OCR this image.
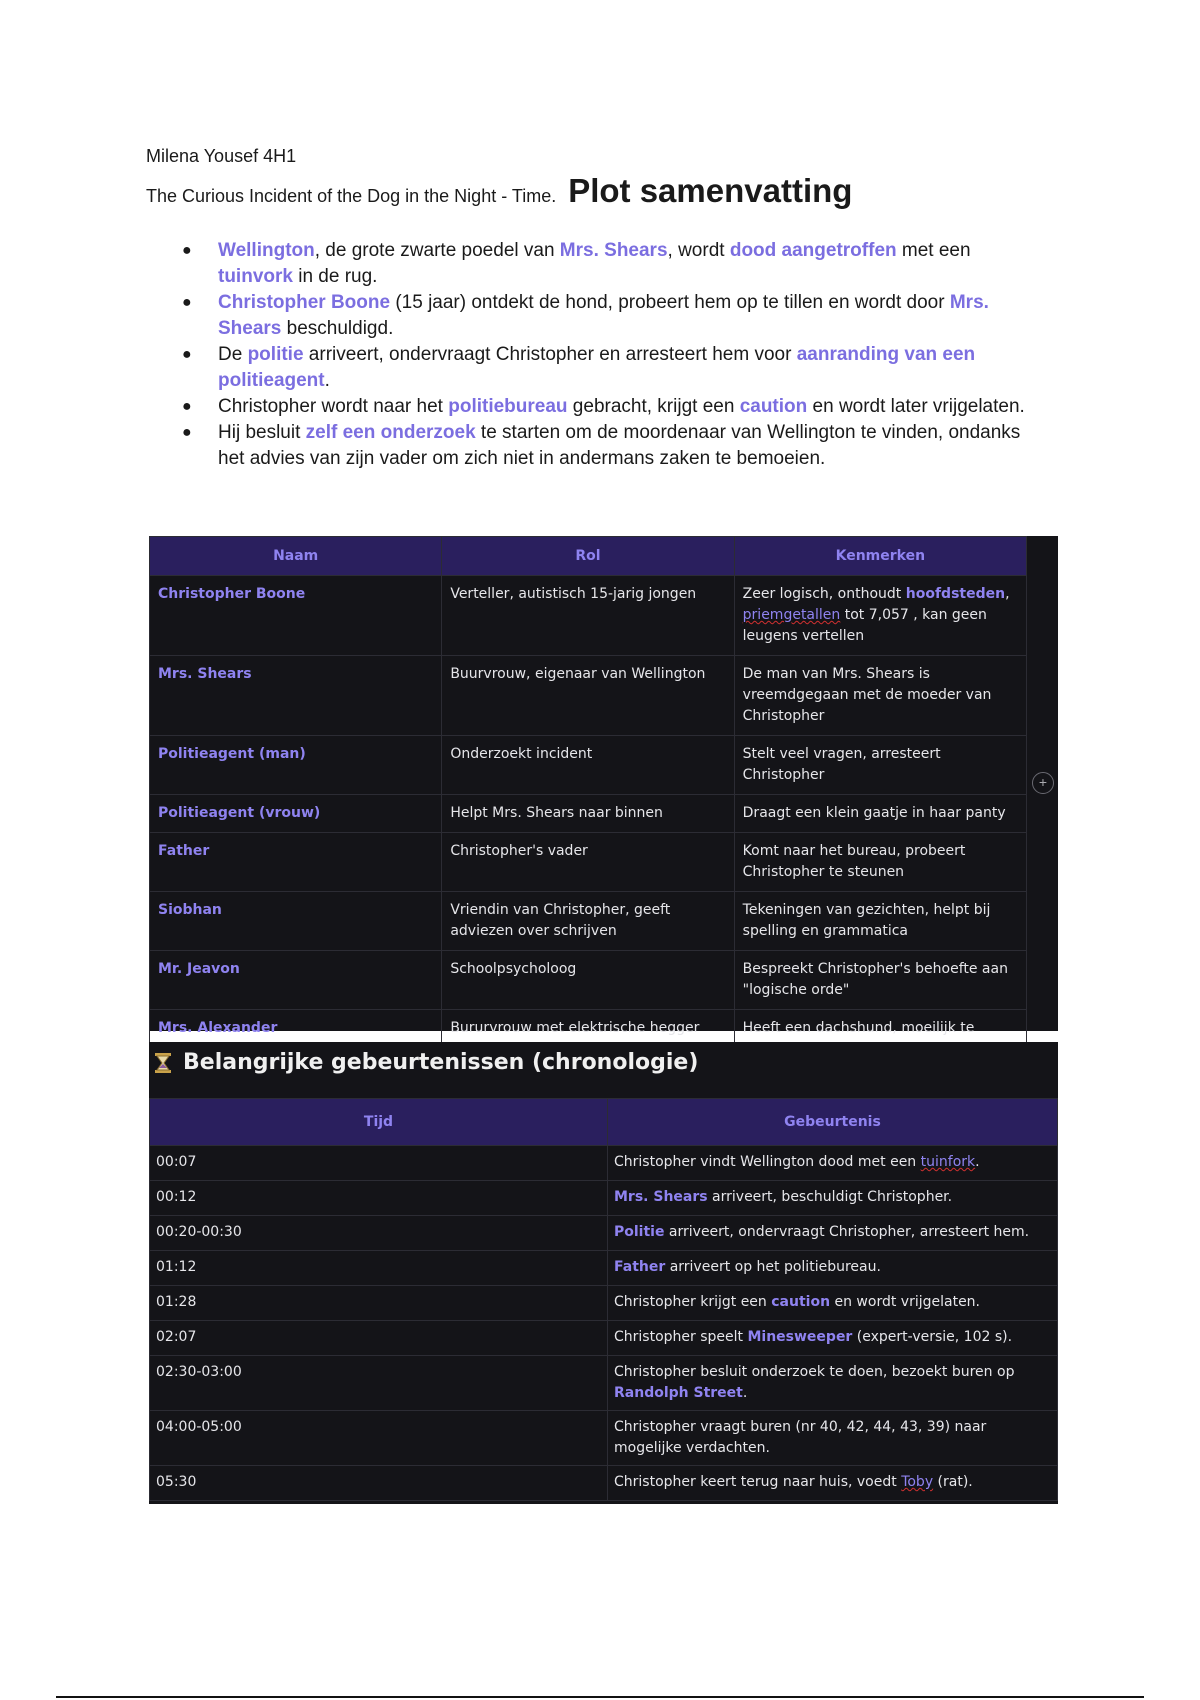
Milena Yousef 4H1
The Curious Incident of the Dog in the Night - Time. Plot samenvatting
● Wellington, de grote zwarte poedel van Mrs. Shears, wordt dood aangetroffen met een tuinvork in de rug.
● Christopher Boone (15 jaar) ontdekt de hond, probeert hem op te tillen en wordt door Mrs. Shears beschuldigd.
● De politie arriveert, ondervraagt Christopher en arresteert hem voor aanranding van een politieagent.
● Christopher wordt naar het politiebureau gebracht, krijgt een caution en wordt later vrijgelaten.
● Hij besluit zelf een onderzoek te starten om de moordenaar van Wellington te vinden, ondanks het advies van zijn vader om zich niet in andermans zaken te bemoeien.
Naam	Rol	Kenmerken
Christopher Boone	Verteller, autistisch 15-jarig jongen	Zeer logisch, onthoudt hoofdsteden, priemgetallen tot 7,057 , kan geen leugens vertellen
Mrs. Shears	Buurvrouw, eigenaar van Wellington	De man van Mrs. Shears is vreemdgegaan met de moeder van Christopher
Politieagent (man)	Onderzoekt incident	Stelt veel vragen, arresteert Christopher
Politieagent (vrouw)	Helpt Mrs. Shears naar binnen	Draagt een klein gaatje in haar panty
Father	Christopher's vader	Komt naar het bureau, probeert Christopher te steunen
Siobhan	Vriendin van Christopher, geeft adviezen over schrijven	Tekeningen van gezichten, helpt bij spelling en grammatica
Mr. Jeavon	Schoolpsycholoog	Bespreekt Christopher's behoefte aan "logische orde"
Mrs. Alexander	Bururvrouw met elektrische hegger	Heeft een dachshund, moeilijk te
+
Belangrijke gebeurtenissen (chronologie)
Tijd	Gebeurtenis
00:07	Christopher vindt Wellington dood met een tuinfork.
00:12	Mrs. Shears arriveert, beschuldigt Christopher.
00:20-00:30	Politie arriveert, ondervraagt Christopher, arresteert hem.
01:12	Father arriveert op het politiebureau.
01:28	Christopher krijgt een caution en wordt vrijgelaten.
02:07	Christopher speelt Minesweeper (expert-versie, 102 s).
02:30-03:00	Christopher besluit onderzoek te doen, bezoekt buren op Randolph Street.
04:00-05:00	Christopher vraagt buren (nr 40, 42, 44, 43, 39) naar mogelijke verdachten.
05:30	Christopher keert terug naar huis, voedt Toby (rat).
